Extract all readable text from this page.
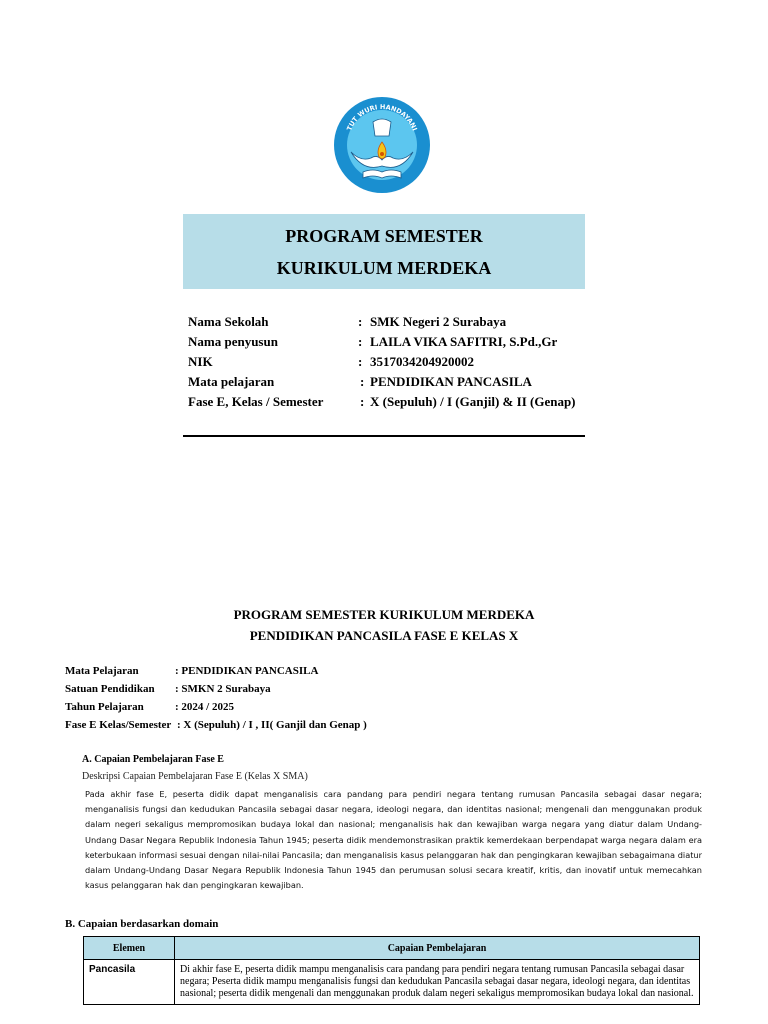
TUT WURI HANDAYANI
PROGRAM SEMESTER
KURIKULUM MERDEKA
Nama Sekolah	: SMK Negeri 2 Surabaya
Nama penyusun	: LAILA VIKA SAFITRI, S.Pd.,Gr
NIK	: 3517034204920002
Mata pelajaran	: PENDIDIKAN PANCASILA
Fase E, Kelas / Semester	: X (Sepuluh) / I (Ganjil) & II (Genap)
PROGRAM SEMESTER KURIKULUM MERDEKA
PENDIDIKAN PANCASILA FASE E KELAS X
Mata Pelajaran	: PENDIDIKAN PANCASILA
Satuan Pendidikan : SMKN 2 Surabaya
Tahun Pelajaran	: 2024 / 2025
Fase E Kelas/Semester : X (Sepuluh) / I , II( Ganjil dan Genap )
A. Capaian Pembelajaran Fase E
Deskripsi Capaian Pembelajaran Fase E (Kelas X SMA)
Pada akhir fase E, peserta didik dapat menganalisis cara pandang para pendiri negara tentang rumusan Pancasila sebagai dasar negara; menganalisis fungsi dan kedudukan Pancasila sebagai dasar negara, ideologi negara, dan identitas nasional; mengenali dan menggunakan produk dalam negeri sekaligus mempromosikan budaya lokal dan nasional; menganalisis hak dan kewajiban warga negara yang diatur dalam Undang-Undang Dasar Negara Republik Indonesia Tahun 1945; peserta didik mendemonstrasikan praktik kemerdekaan berpendapat warga negara dalam era keterbukaan informasi sesuai dengan nilai-nilai Pancasila; dan menganalisis kasus pelanggaran hak dan pengingkaran kewajiban sebagaimana diatur dalam Undang-Undang Dasar Negara Republik Indonesia Tahun 1945 dan perumusan solusi secara kreatif, kritis, dan inovatif untuk memecahkan kasus pelanggaran hak dan pengingkaran kewajiban.
B. Capaian berdasarkan domain
Elemen	Capaian Pembelajaran
Pancasila	Di akhir fase E, peserta didik mampu menganalisis cara pandang para pendiri negara tentang rumusan Pancasila sebagai dasar negara; Peserta didik mampu menganalisis fungsi dan kedudukan Pancasila sebagai dasar negara, ideologi negara, dan identitas nasional; peserta didik mengenali dan menggunakan produk dalam negeri sekaligus mempromosikan budaya lokal dan nasional.
